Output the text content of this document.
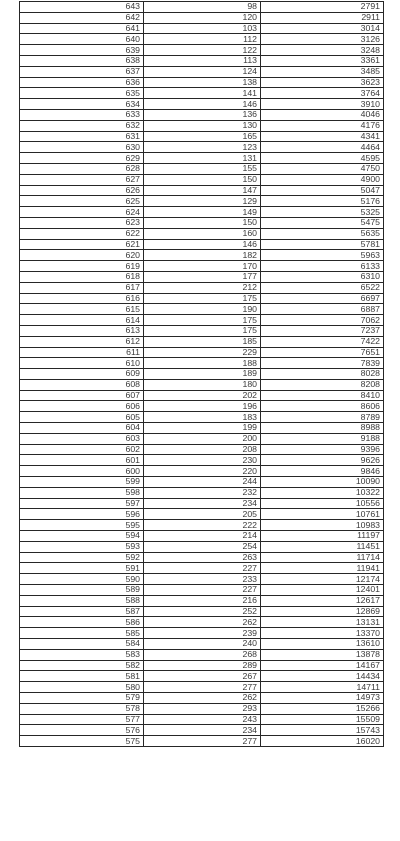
643	98	2791
642	120	2911
641	103	3014
640	112	3126
639	122	3248
638	113	3361
637	124	3485
636	138	3623
635	141	3764
634	146	3910
633	136	4046
632	130	4176
631	165	4341
630	123	4464
629	131	4595
628	155	4750
627	150	4900
626	147	5047
625	129	5176
624	149	5325
623	150	5475
622	160	5635
621	146	5781
620	182	5963
619	170	6133
618	177	6310
617	212	6522
616	175	6697
615	190	6887
614	175	7062
613	175	7237
612	185	7422
611	229	7651
610	188	7839
609	189	8028
608	180	8208
607	202	8410
606	196	8606
605	183	8789
604	199	8988
603	200	9188
602	208	9396
601	230	9626
600	220	9846
599	244	10090
598	232	10322
597	234	10556
596	205	10761
595	222	10983
594	214	11197
593	254	11451
592	263	11714
591	227	11941
590	233	12174
589	227	12401
588	216	12617
587	252	12869
586	262	13131
585	239	13370
584	240	13610
583	268	13878
582	289	14167
581	267	14434
580	277	14711
579	262	14973
578	293	15266
577	243	15509
576	234	15743
575	277	16020
